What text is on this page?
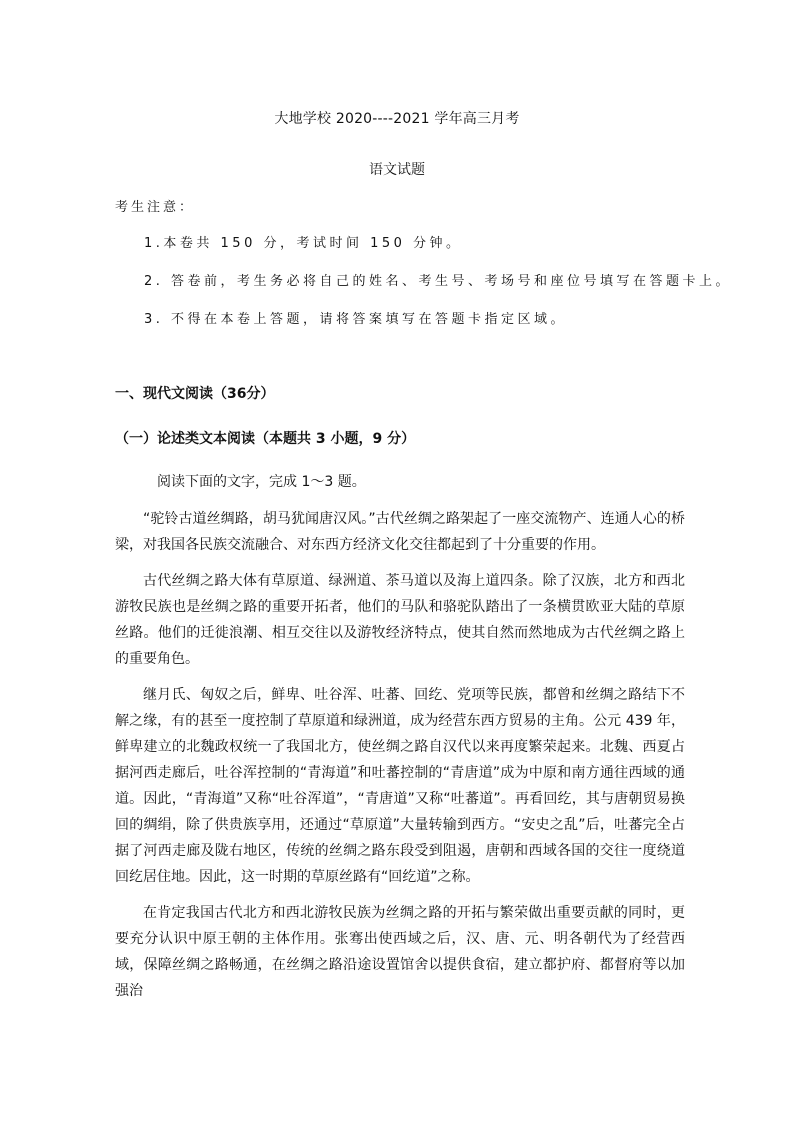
大地学校 2020----2021 学年高三月考
语文试题
考生注意：
1.本卷共 150 分，考试时间 150 分钟。
2. 答卷前，考生务必将自己的姓名、考生号、考场号和座位号填写在答题卡上。
3. 不得在本卷上答题，请将答案填写在答题卡指定区域。
一、现代文阅读（36分）
（一）论述类文本阅读（本题共 3 小题，9 分）
阅读下面的文字，完成 1～3 题。

“驼铃古道丝绸路，胡马犹闻唐汉风。”古代丝绸之路架起了一座交流物产、连通人心的桥梁，对我国各民族交流融合、对东西方经济文化交往都起到了十分重要的作用。

古代丝绸之路大体有草原道、绿洲道、茶马道以及海上道四条。除了汉族，北方和西北游牧民族也是丝绸之路的重要开拓者，他们的马队和骆驼队踏出了一条横贯欧亚大陆的草原丝路。他们的迁徙浪潮、相互交往以及游牧经济特点，使其自然而然地成为古代丝绸之路上的重要角色。

继月氏、匈奴之后，鲜卑、吐谷浑、吐蕃、回纥、党项等民族，都曾和丝绸之路结下不解之缘，有的甚至一度控制了草原道和绿洲道，成为经营东西方贸易的主角。公元 439 年，鲜卑建立的北魏政权统一了我国北方，使丝绸之路自汉代以来再度繁荣起来。北魏、西夏占据河西走廊后，吐谷浑控制的“青海道”和吐蕃控制的“青唐道”成为中原和南方通往西域的通道。因此，“青海道”又称“吐谷浑道”，“青唐道”又称“吐蕃道”。再看回纥，其与唐朝贸易换回的绸绢，除了供贵族享用，还通过“草原道”大量转输到西方。“安史之乱”后，吐蕃完全占据了河西走廊及陇右地区，传统的丝绸之路东段受到阻遏，唐朝和西域各国的交往一度绕道回纥居住地。因此，这一时期的草原丝路有“回纥道”之称。

在肯定我国古代北方和西北游牧民族为丝绸之路的开拓与繁荣做出重要贡献的同时，更要充分认识中原王朝的主体作用。张骞出使西域之后，汉、唐、元、明各朝代为了经营西域，保障丝绸之路畅通，在丝绸之路沿途设置馆舍以提供食宿，建立都护府、都督府等以加强治
